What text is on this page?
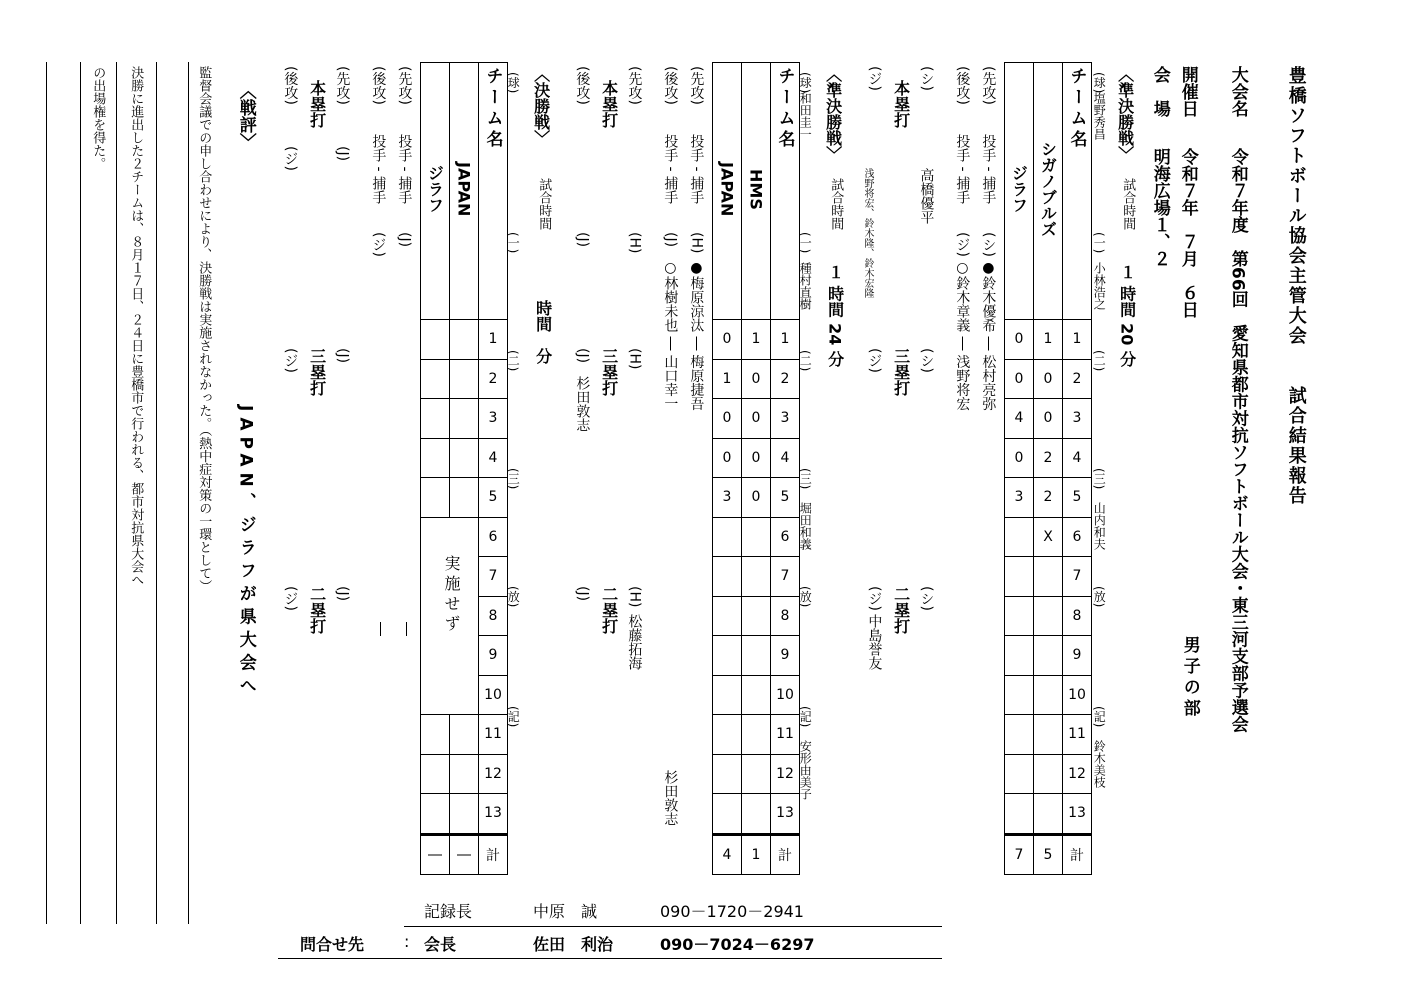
豊橋ソフトボール協会主管大会　　試合結果報告
大会名
令和７年度　第66回　愛知県都市対抗ソフトボール大会・東三河支部予選会
開催日
令和７年　７月　６日
男子の部
会　場
明海広場１、２
(球)
(一)
(二)
(三)
(放)
(記)
〈準決勝戦〉
試合時間
１ 時間 20 分
塩野秀昌
小林浩之
山内和夫
鈴木美枝
ジラフ	シガノブルズ	チーム名
0	1	1
0	0	2
4	0	3
0	2	4
3	2	5
	X	6
		7
		8
		9
		10
		11
		12
		13
7	5	計
(先攻)
投手 ‐ 捕手
(シ)
●鈴木優希 ― 松村亮弥
(後攻)
投手 ‐ 捕手
(ジ)
○鈴木章義 ― 浅野将宏
(シ)
高橋優平
本塁打
(ジ)
浅野将宏、鈴木隆、鈴木宏隆
(シ)
三塁打
(ジ)
(シ)
二塁打
(ジ)
中島誉友
〈準決勝戦〉
試合時間
１ 時間 24 分
(球)
和田圭一
(一)
種村直樹
(二)
(三)
堀田和義
(放)
(記)
安形由美子
JAPAN	HMS	チーム名
0	1	1
1	0	2
0	0	3
0	0	4
3	0	5
		6
		7
		8
		9
		10
		11
		12
		13
4	1	計
(先攻)
投手 ‐ 捕手
(H)
●梅原涼汰 ― 梅原捷吾
(後攻)
投手 ‐ 捕手
(J)
○林樹未也 ― 山口幸一
杉田敦志
(先攻)
(H)
本塁打
(後攻)
(J)
(H)
三塁打
(J)
杉田敦志
(H)
松藤拓海
二塁打
(J)
〈決勝戦〉
試合時間
時間　分
(球)
(一)
(二)
(三)
(放)
(記)
ジラフ	JAPAN	チーム名
		1
		2
		3
		4
		5
		6
		7
		8
		9
		10
		11
		12
		13
―	―	計
実施せず
(先攻)
投手 ‐ 捕手
(J)
―
(後攻)
投手 ‐ 捕手
(ジ)
―
(先攻)
(J)
本塁打
(後攻)
(ジ)
(J)
三塁打
(ジ)
(J)
二塁打
(ジ)
〈戦評〉
JAPAN、ジラフが県大会へ
監督会議での申し合わせにより、決勝戦は実施されなかった。（熱中症対策の一環として）
決勝に進出した２チームは、８月１７日、２４日に豊橋市で行われる、都市対抗県大会へ
の出場権を得た。
記録長	中原　誠	090－1720－2941
問合せ先 : 会長	佐田　利治	090－7024－6297
